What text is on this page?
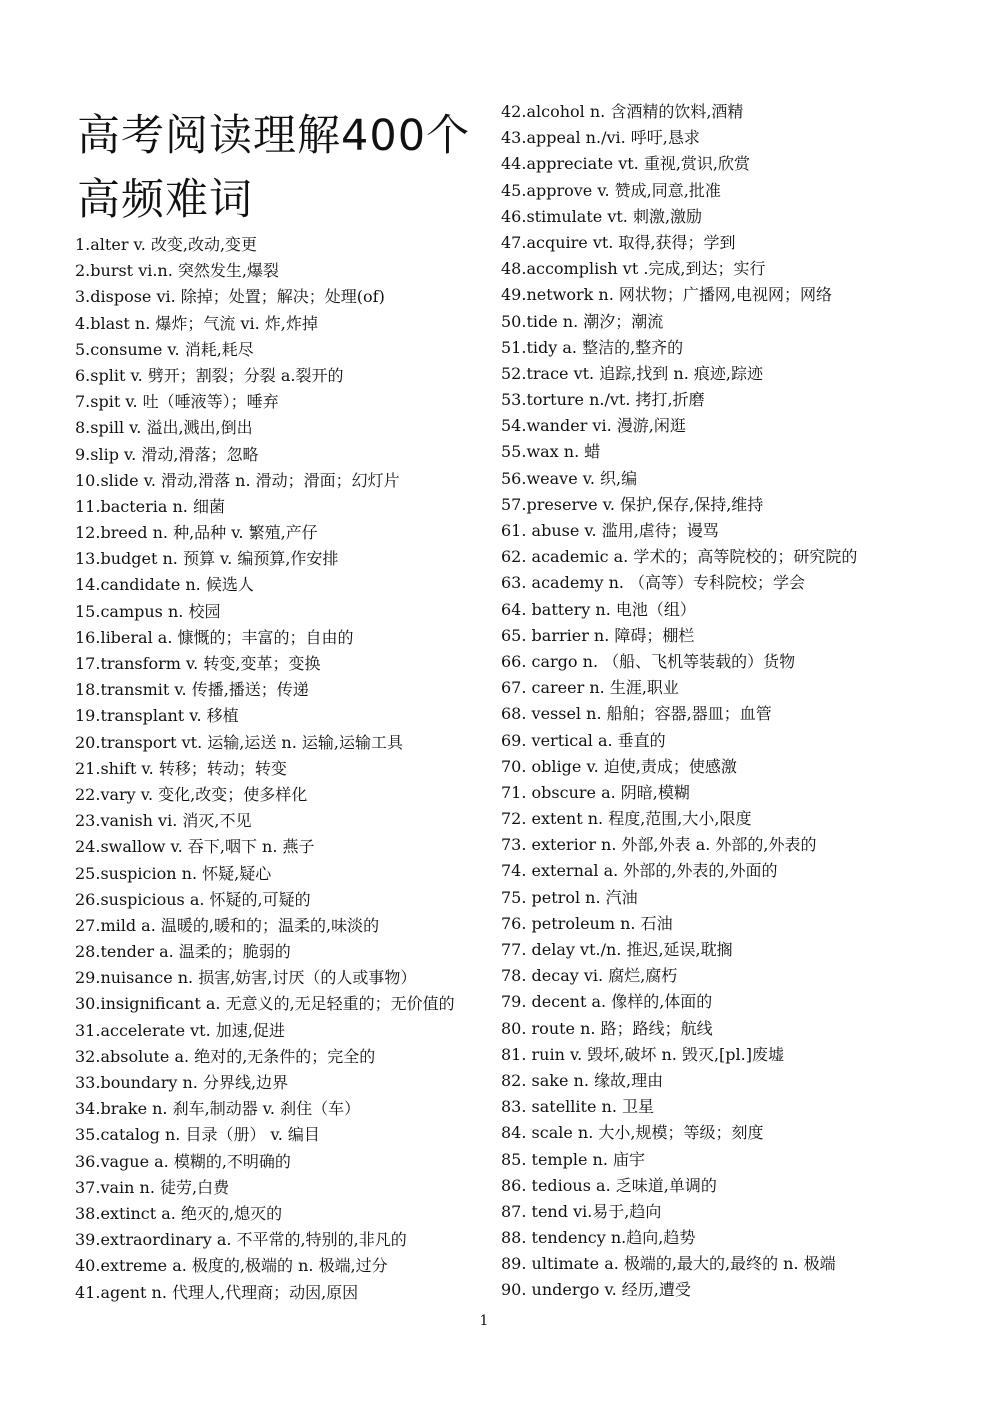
高考阅读理解400个高频难词
1.alter v. 改变,改动,变更
2.burst vi.n. 突然发生,爆裂
3.dispose vi. 除掉；处置；解决；处理(of)
4.blast n. 爆炸；气流 vi. 炸,炸掉
5.consume v. 消耗,耗尽
6.split v. 劈开；割裂；分裂 a.裂开的
7.spit v. 吐（唾液等）；唾弃
8.spill v. 溢出,溅出,倒出
9.slip v. 滑动,滑落；忽略
10.slide v. 滑动,滑落 n. 滑动；滑面；幻灯片
11.bacteria n. 细菌
12.breed n. 种,品种 v. 繁殖,产仔
13.budget n. 预算 v. 编预算,作安排
14.candidate n. 候选人
15.campus n. 校园
16.liberal a. 慷慨的；丰富的；自由的
17.transform v. 转变,变革；变换
18.transmit v. 传播,播送；传递
19.transplant v. 移植
20.transport vt. 运输,运送 n. 运输,运输工具
21.shift v. 转移；转动；转变
22.vary v. 变化,改变；使多样化
23.vanish vi. 消灭,不见
24.swallow v. 吞下,咽下 n. 燕子
25.suspicion n. 怀疑,疑心
26.suspicious a. 怀疑的,可疑的
27.mild a. 温暖的,暖和的；温柔的,味淡的
28.tender a. 温柔的；脆弱的
29.nuisance n. 损害,妨害,讨厌（的人或事物）
30.insignificant a. 无意义的,无足轻重的；无价值的
31.accelerate vt. 加速,促进
32.absolute a. 绝对的,无条件的；完全的
33.boundary n. 分界线,边界
34.brake n. 刹车,制动器 v. 刹住（车）
35.catalog n. 目录（册） v. 编目
36.vague a. 模糊的,不明确的
37.vain n. 徒劳,白费
38.extinct a. 绝灭的,熄灭的
39.extraordinary a. 不平常的,特别的,非凡的
40.extreme a. 极度的,极端的 n. 极端,过分
41.agent n. 代理人,代理商；动因,原因
42.alcohol n. 含酒精的饮料,酒精
43.appeal n./vi. 呼吁,恳求
44.appreciate vt. 重视,赏识,欣赏
45.approve v. 赞成,同意,批准
46.stimulate vt. 刺激,激励
47.acquire vt. 取得,获得；学到
48.accomplish vt .完成,到达；实行
49.network n. 网状物；广播网,电视网；网络
50.tide n. 潮汐；潮流
51.tidy a. 整洁的,整齐的
52.trace vt. 追踪,找到 n. 痕迹,踪迹
53.torture n./vt. 拷打,折磨
54.wander vi. 漫游,闲逛
55.wax n. 蜡
56.weave v. 织,编
57.preserve v. 保护,保存,保持,维持
61. abuse v. 滥用,虐待；谩骂
62. academic a. 学术的；高等院校的；研究院的
63. academy n. （高等）专科院校；学会
64. battery n. 电池（组）
65. barrier n. 障碍；棚栏
66. cargo n. （船、飞机等装载的）货物
67. career n. 生涯,职业
68. vessel n. 船舶；容器,器皿；血管
69. vertical a. 垂直的
70. oblige v. 迫使,责成；使感激
71. obscure a. 阴暗,模糊
72. extent n. 程度,范围,大小,限度
73. exterior n. 外部,外表 a. 外部的,外表的
74. external a. 外部的,外表的,外面的
75. petrol n. 汽油
76. petroleum n. 石油
77. delay vt./n. 推迟,延误,耽搁
78. decay vi. 腐烂,腐朽
79. decent a. 像样的,体面的
80. route n. 路；路线；航线
81. ruin v. 毁坏,破坏 n. 毁灭,[pl.]废墟
82. sake n. 缘故,理由
83. satellite n. 卫星
84. scale n. 大小,规模；等级；刻度
85. temple n. 庙宇
86. tedious a. 乏味道,单调的
87. tend vi.易于,趋向
88. tendency n.趋向,趋势
89. ultimate a. 极端的,最大的,最终的 n. 极端
90. undergo v. 经历,遭受
1
